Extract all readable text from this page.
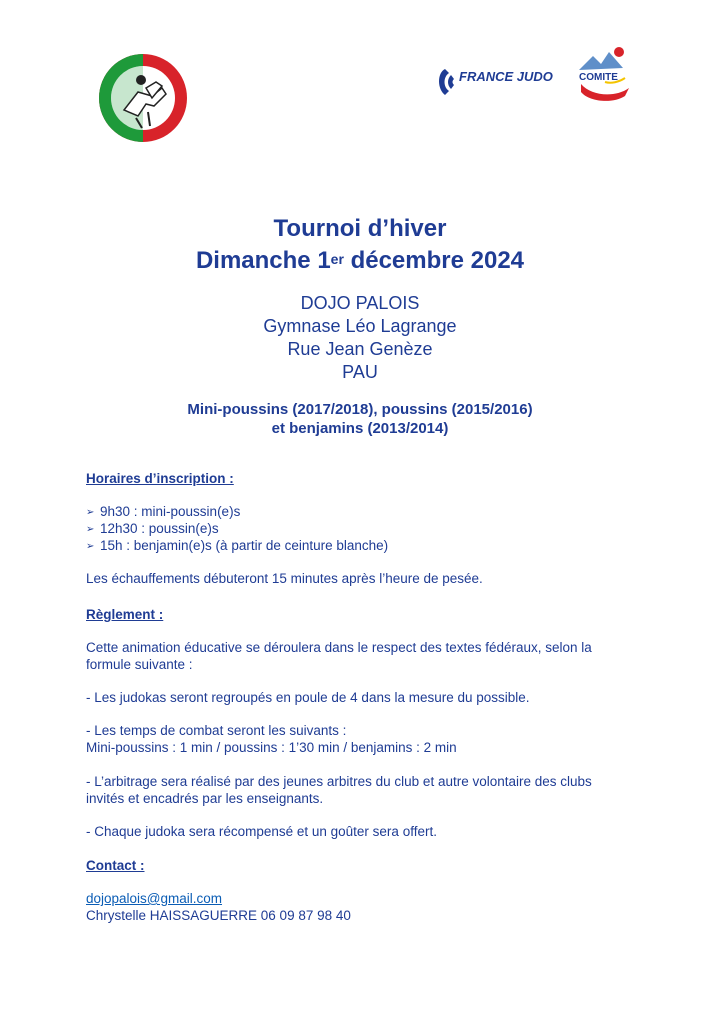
FRANCE JUDO	COMITE
Tournoi d’hiver
Dimanche 1er décembre 2024
DOJO PALOIS
Gymnase Léo Lagrange
Rue Jean Genèze
PAU
Mini-poussins (2017/2018), poussins (2015/2016)
et benjamins (2013/2014)
Horaires d’inscription :
➢ 9h30 : mini-poussin(e)s
➢ 12h30 : poussin(e)s
➢ 15h : benjamin(e)s (à partir de ceinture blanche)
Les échauffements débuteront 15 minutes après l’heure de pesée.
Règlement :
Cette animation éducative se déroulera dans le respect des textes fédéraux, selon la
formule suivante :
- Les judokas seront regroupés en poule de 4 dans la mesure du possible.
- Les temps de combat seront les suivants :
Mini-poussins : 1 min / poussins : 1’30 min / benjamins : 2 min
- L’arbitrage sera réalisé par des jeunes arbitres du club et autre volontaire des clubs
invités et encadrés par les enseignants.
- Chaque judoka sera récompensé et un goûter sera offert.
Contact :
dojopalois@gmail.com
Chrystelle HAISSAGUERRE 06 09 87 98 40
